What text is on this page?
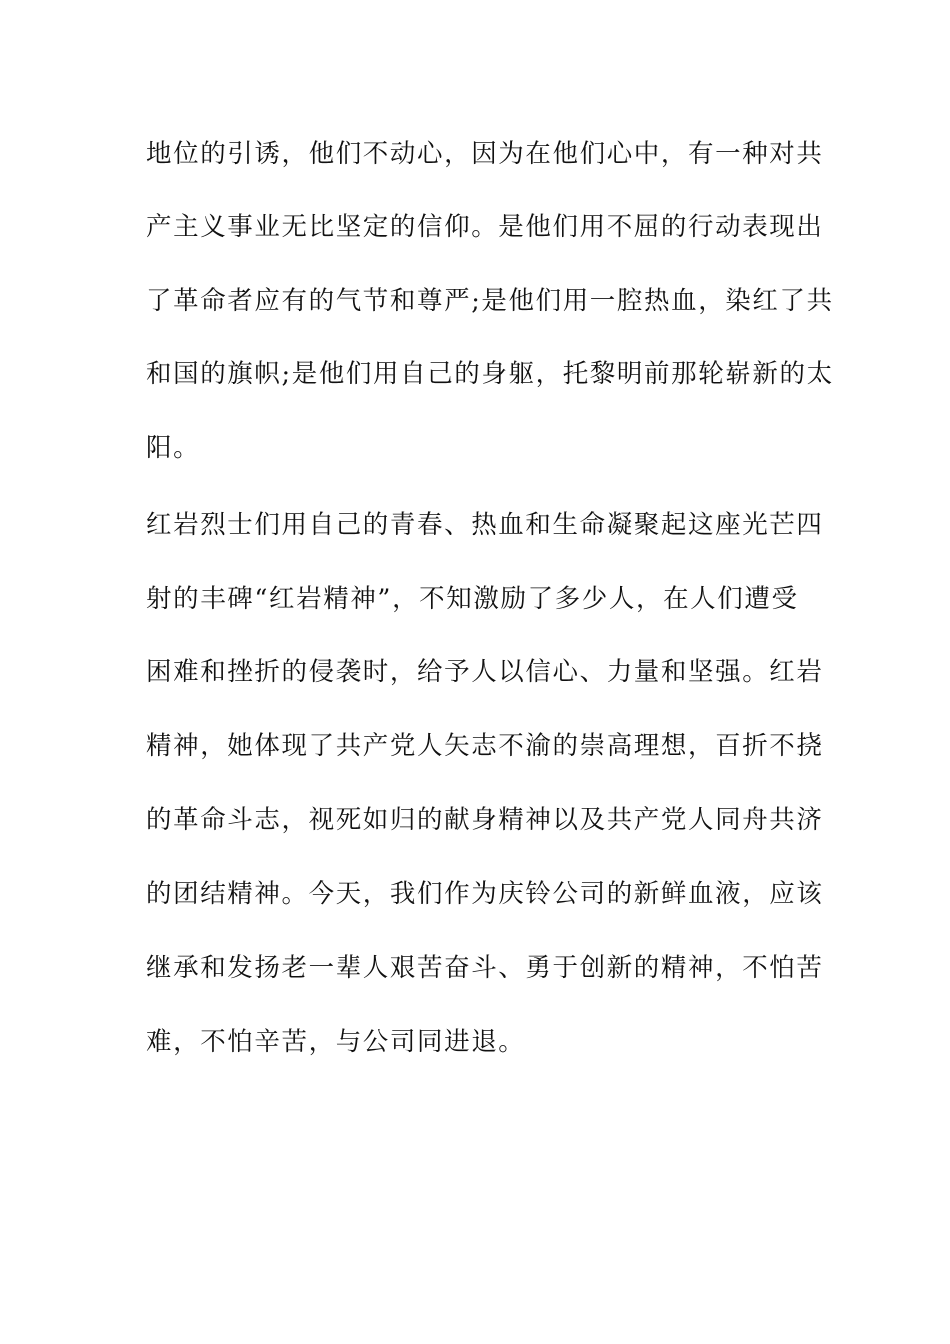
地位的引诱，他们不动心，因为在他们心中，有一种对共
产主义事业无比坚定的信仰。是他们用不屈的行动表现出
了革命者应有的气节和尊严;是他们用一腔热血，染红了共
和国的旗帜;是他们用自己的身躯，托黎明前那轮崭新的太
阳。
红岩烈士们用自己的青春、热血和生命凝聚起这座光芒四
射的丰碑“红岩精神”，不知激励了多少人，在人们遭受
困难和挫折的侵袭时，给予人以信心、力量和坚强。红岩
精神，她体现了共产党人矢志不渝的崇高理想，百折不挠
的革命斗志，视死如归的献身精神以及共产党人同舟共济
的团结精神。今天，我们作为庆铃公司的新鲜血液，应该
继承和发扬老一辈人艰苦奋斗、勇于创新的精神，不怕苦
难，不怕辛苦，与公司同进退。
